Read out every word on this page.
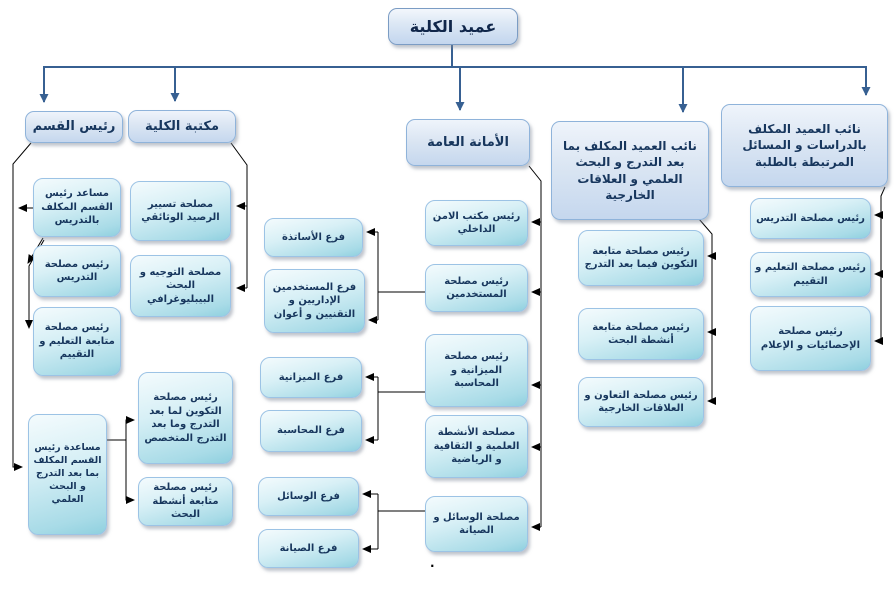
عميد الكلية
رئيس القسم	مكتبة الكلية
الأمانة العامة	نائب العميد المكلف بما بعد التدرج و البحث العلمي و العلاقات الخارجية
نائب العميد المكلف بالدراسات و المسائل المرتبطة بالطلبة
مساعد رئيس القسم المكلف بالتدريس
رئيس مصلحة التدريس
رئيس مصلحة متابعة التعليم و التقييم
مساعدة رئيس القسم المكلف بما بعد التدرج و البحث العلمي
مصلحة تسيير الرصيد الوثائقي
مصلحة التوجيه و البحث البيبليوغرافي
رئيس مصلحة التكوين لما بعد التدرج وما بعد التدرج المتخصص
رئيس مصلحة متابعة أنشطة البحث
فرع الأساتذة
فرع المستخدمين الإداريين و التقنيين و أعوان
فرع الميزانية
فرع المحاسبة
فرع الوسائل
فرع الصيانة
رئيس مكتب الامن الداخلي
رئيس مصلحة المستخدمين
رئيس مصلحة الميزانية و المحاسبة
مصلحة الأنشطة العلمية و الثقافية و الرياضية
مصلحة الوسائل و الصيانة
رئيس مصلحة متابعة التكوين فيما بعد التدرج
رئيس مصلحة متابعة أنشطة البحث
رئيس مصلحة التعاون و العلاقات الخارجية
رئيس مصلحة التدريس
رئيس مصلحة التعليم و التقييم
رئيس مصلحة الإحصائيات و الإعلام
.
